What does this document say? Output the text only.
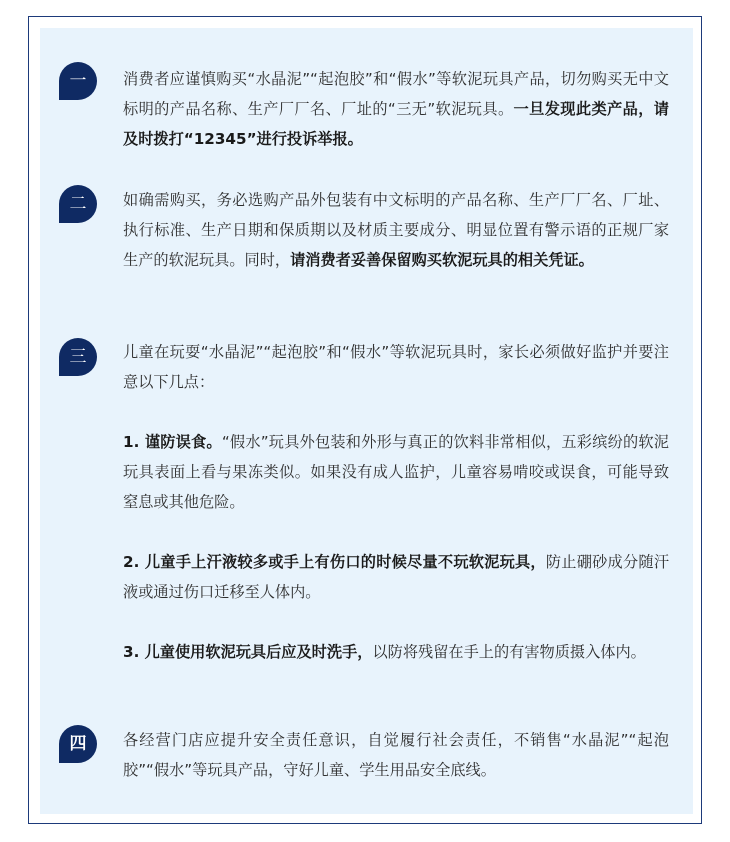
一	消费者应谨慎购买“水晶泥”“起泡胶”和“假水”等软泥玩具产品，切勿购买无中文标明的产品名称、生产厂厂名、厂址的“三无”软泥玩具。一旦发现此类产品，请及时拨打“12345”进行投诉举报。

二	如确需购买，务必选购产品外包装有中文标明的产品名称、生产厂厂名、厂址、执行标准、生产日期和保质期以及材质主要成分、明显位置有警示语的正规厂家生产的软泥玩具。同时，请消费者妥善保留购买软泥玩具的相关凭证。

三	儿童在玩耍“水晶泥”“起泡胶”和“假水”等软泥玩具时，家长必须做好监护并要注意以下几点：

1. 谨防误食。“假水”玩具外包装和外形与真正的饮料非常相似，五彩缤纷的软泥玩具表面上看与果冻类似。如果没有成人监护，儿童容易啃咬或误食，可能导致窒息或其他危险。

2. 儿童手上汗液较多或手上有伤口的时候尽量不玩软泥玩具，防止硼砂成分随汗液或通过伤口迁移至人体内。

3. 儿童使用软泥玩具后应及时洗手，以防将残留在手上的有害物质摄入体内。

四	各经营门店应提升安全责任意识，自觉履行社会责任，不销售“水晶泥”“起泡胶”“假水”等玩具产品，守好儿童、学生用品安全底线。
